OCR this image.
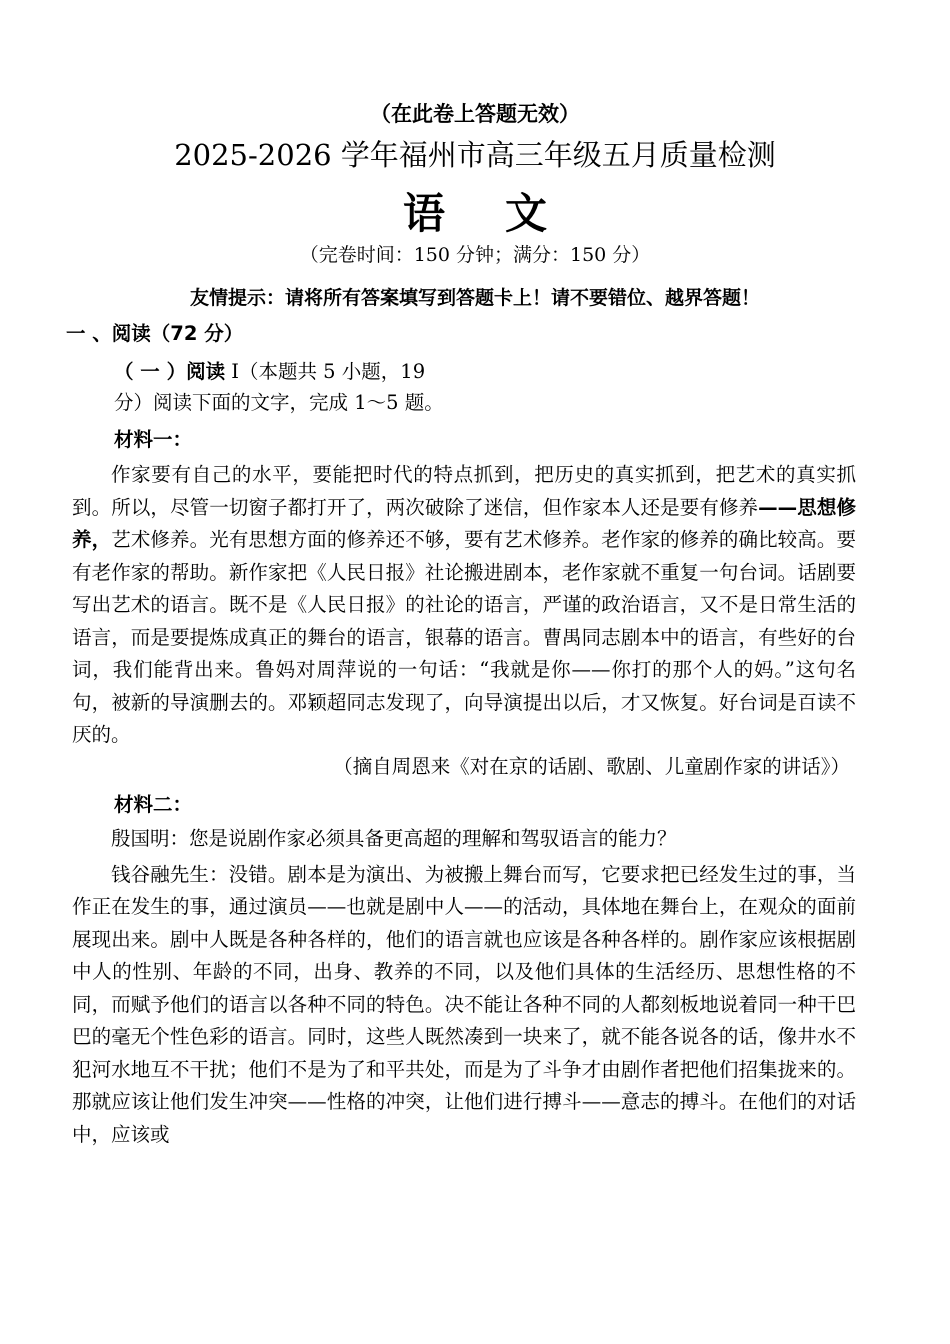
（在此卷上答题无效）
2025-2026 学年福州市高三年级五月质量检测
语文
（完卷时间：150 分钟；满分：150 分）
友情提示：请将所有答案填写到答题卡上！请不要错位、越界答题！
一 、阅读（72 分）
（ 一 ）阅读 Ⅰ（本题共 5 小题，19
分）阅读下面的文字，完成 1～5 题。
材料一：

作家要有自己的水平，要能把时代的特点抓到，把历史的真实抓到，把艺术的真实抓到。所以，尽管一切窗子都打开了，两次破除了迷信，但作家本人还是要有修养——思想修养，艺术修养。光有思想方面的修养还不够，要有艺术修养。老作家的修养的确比较高。要有老作家的帮助。新作家把《人民日报》社论搬进剧本，老作家就不重复一句台词。话剧要写出艺术的语言。既不是《人民日报》的社论的语言，严谨的政治语言，又不是日常生活的语言，而是要提炼成真正的舞台的语言，银幕的语言。曹禺同志剧本中的语言，有些好的台词，我们能背出来。鲁妈对周萍说的一句话：“我就是你——你打的那个人的妈。”这句名句，被新的导演删去的。邓颖超同志发现了，向导演提出以后，才又恢复。好台词是百读不厌的。

（摘自周恩来《对在京的话剧、歌剧、儿童剧作家的讲话》）
材料二：

殷国明：您是说剧作家必须具备更高超的理解和驾驭语言的能力？

钱谷融先生：没错。剧本是为演出、为被搬上舞台而写，它要求把已经发生过的事，当作正在发生的事，通过演员——也就是剧中人——的活动，具体地在舞台上，在观众的面前展现出来。剧中人既是各种各样的，他们的语言就也应该是各种各样的。剧作家应该根据剧中人的性别、年龄的不同，出身、教养的不同，以及他们具体的生活经历、思想性格的不同，而赋予他们的语言以各种不同的特色。决不能让各种不同的人都刻板地说着同一种干巴巴的毫无个性色彩的语言。同时，这些人既然凑到一块来了，就不能各说各的话，像井水不犯河水地互不干扰；他们不是为了和平共处，而是为了斗争才由剧作者把他们招集拢来的。那就应该让他们发生冲突——性格的冲突，让他们进行搏斗——意志的搏斗。在他们的对话中，应该或
